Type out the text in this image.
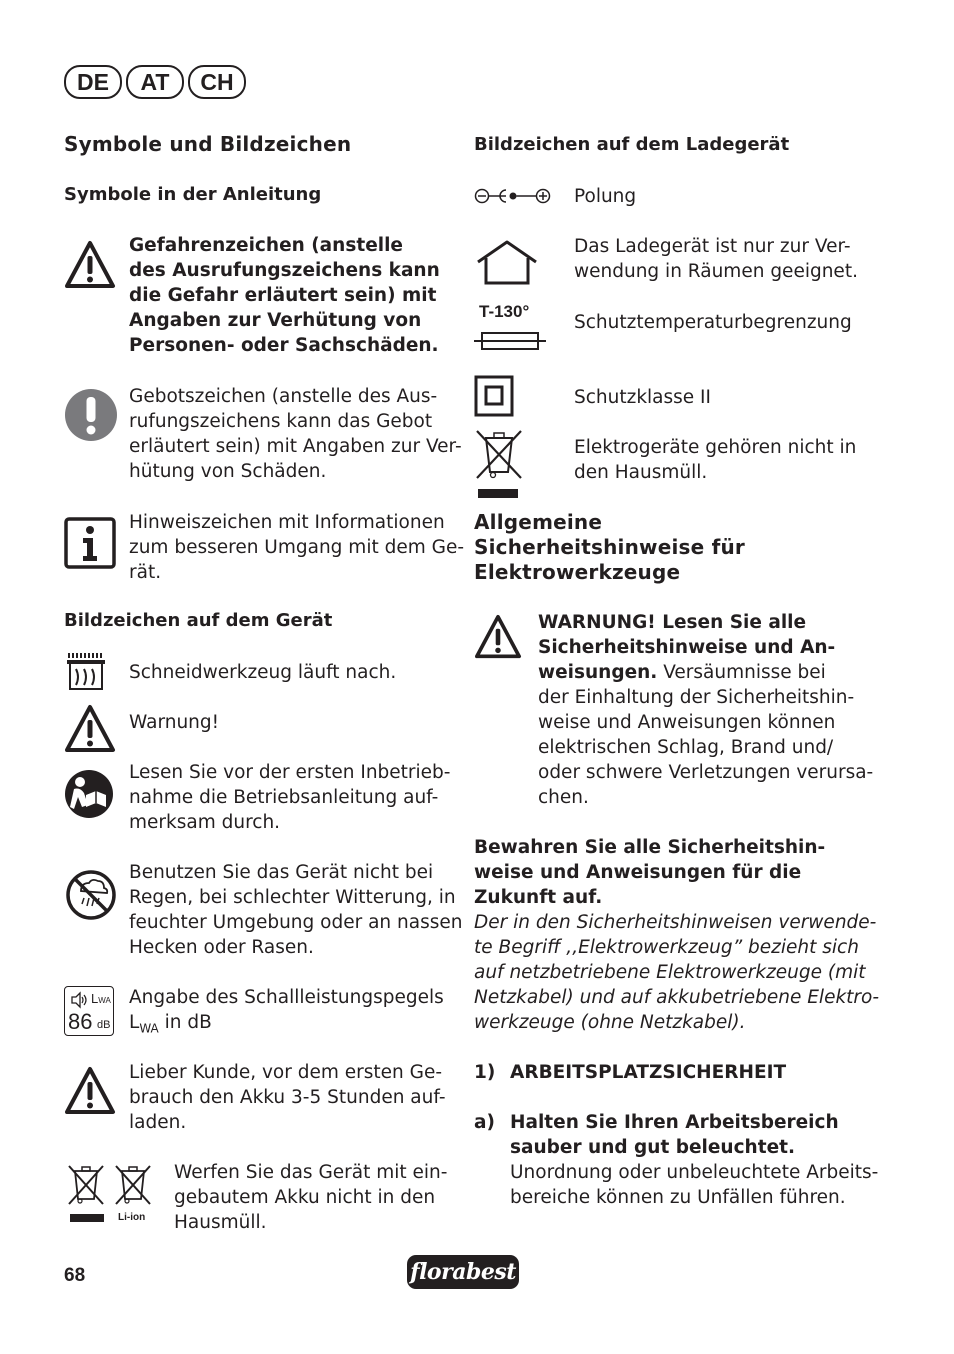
DE	AT	CH
Symbole und Bildzeichen
Symbole in der Anleitung
Gefahrenzeichen (anstelle
des Ausrufungszeichens kann
die Gefahr erläutert sein) mit
Angaben zur Verhütung von
Personen- oder Sachschäden.
Gebotszeichen (anstelle des Aus-
rufungszeichens kann das Gebot
erläutert sein) mit Angaben zur Ver-
hütung von Schäden.
Hinweiszeichen mit Informationen
zum besseren Umgang mit dem Ge-
rät.
Bildzeichen auf dem Gerät
Schneidwerkzeug läuft nach.
Warnung!
Lesen Sie vor der ersten Inbetrieb-
nahme die Betriebsanleitung auf-
merksam durch.
Benutzen Sie das Gerät nicht bei
Regen, bei schlechter Witterung, in
feuchter Umgebung oder an nassen
Hecken oder Rasen.
LWA
86 dB
Angabe des Schallleistungspegels
$L_{WA}$ in dB
Lieber Kunde, vor dem ersten Ge-
brauch den Akku 3-5 Stunden auf-
laden.
Li-ion
Werfen Sie das Gerät mit ein-
gebautem Akku nicht in den
Hausmüll.
Bildzeichen auf dem Ladegerät
Polung
Das Ladegerät ist nur zur Ver-
wendung in Räumen geeignet.
T-130°
Schutztemperaturbegrenzung
Schutzklasse II
Elektrogeräte gehören nicht in
den Hausmüll.
Allgemeine
Sicherheitshinweise für
Elektrowerkzeuge
WARNUNG! Lesen Sie alle
Sicherheitshinweise und An-
weisungen. Versäumnisse bei
der Einhaltung der Sicherheitshin-
weise und Anweisungen können
elektrischen Schlag, Brand und/
oder schwere Verletzungen verursa-
chen.
Bewahren Sie alle Sicherheitshin-
weise und Anweisungen für die
Zukunft auf.
Der in den Sicherheitshinweisen verwende-
te Begriff ,,Elektrowerkzeug” bezieht sich
auf netzbetriebene Elektrowerkzeuge (mit
Netzkabel) und auf akkubetriebene Elektro-
werkzeuge (ohne Netzkabel).
1) ARBEITSPLATZSICHERHEIT
a) Halten Sie Ihren Arbeitsbereich
sauber und gut beleuchtet.
Unordnung oder unbeleuchtete Arbeits-
bereiche können zu Unfällen führen.
68	florabest
